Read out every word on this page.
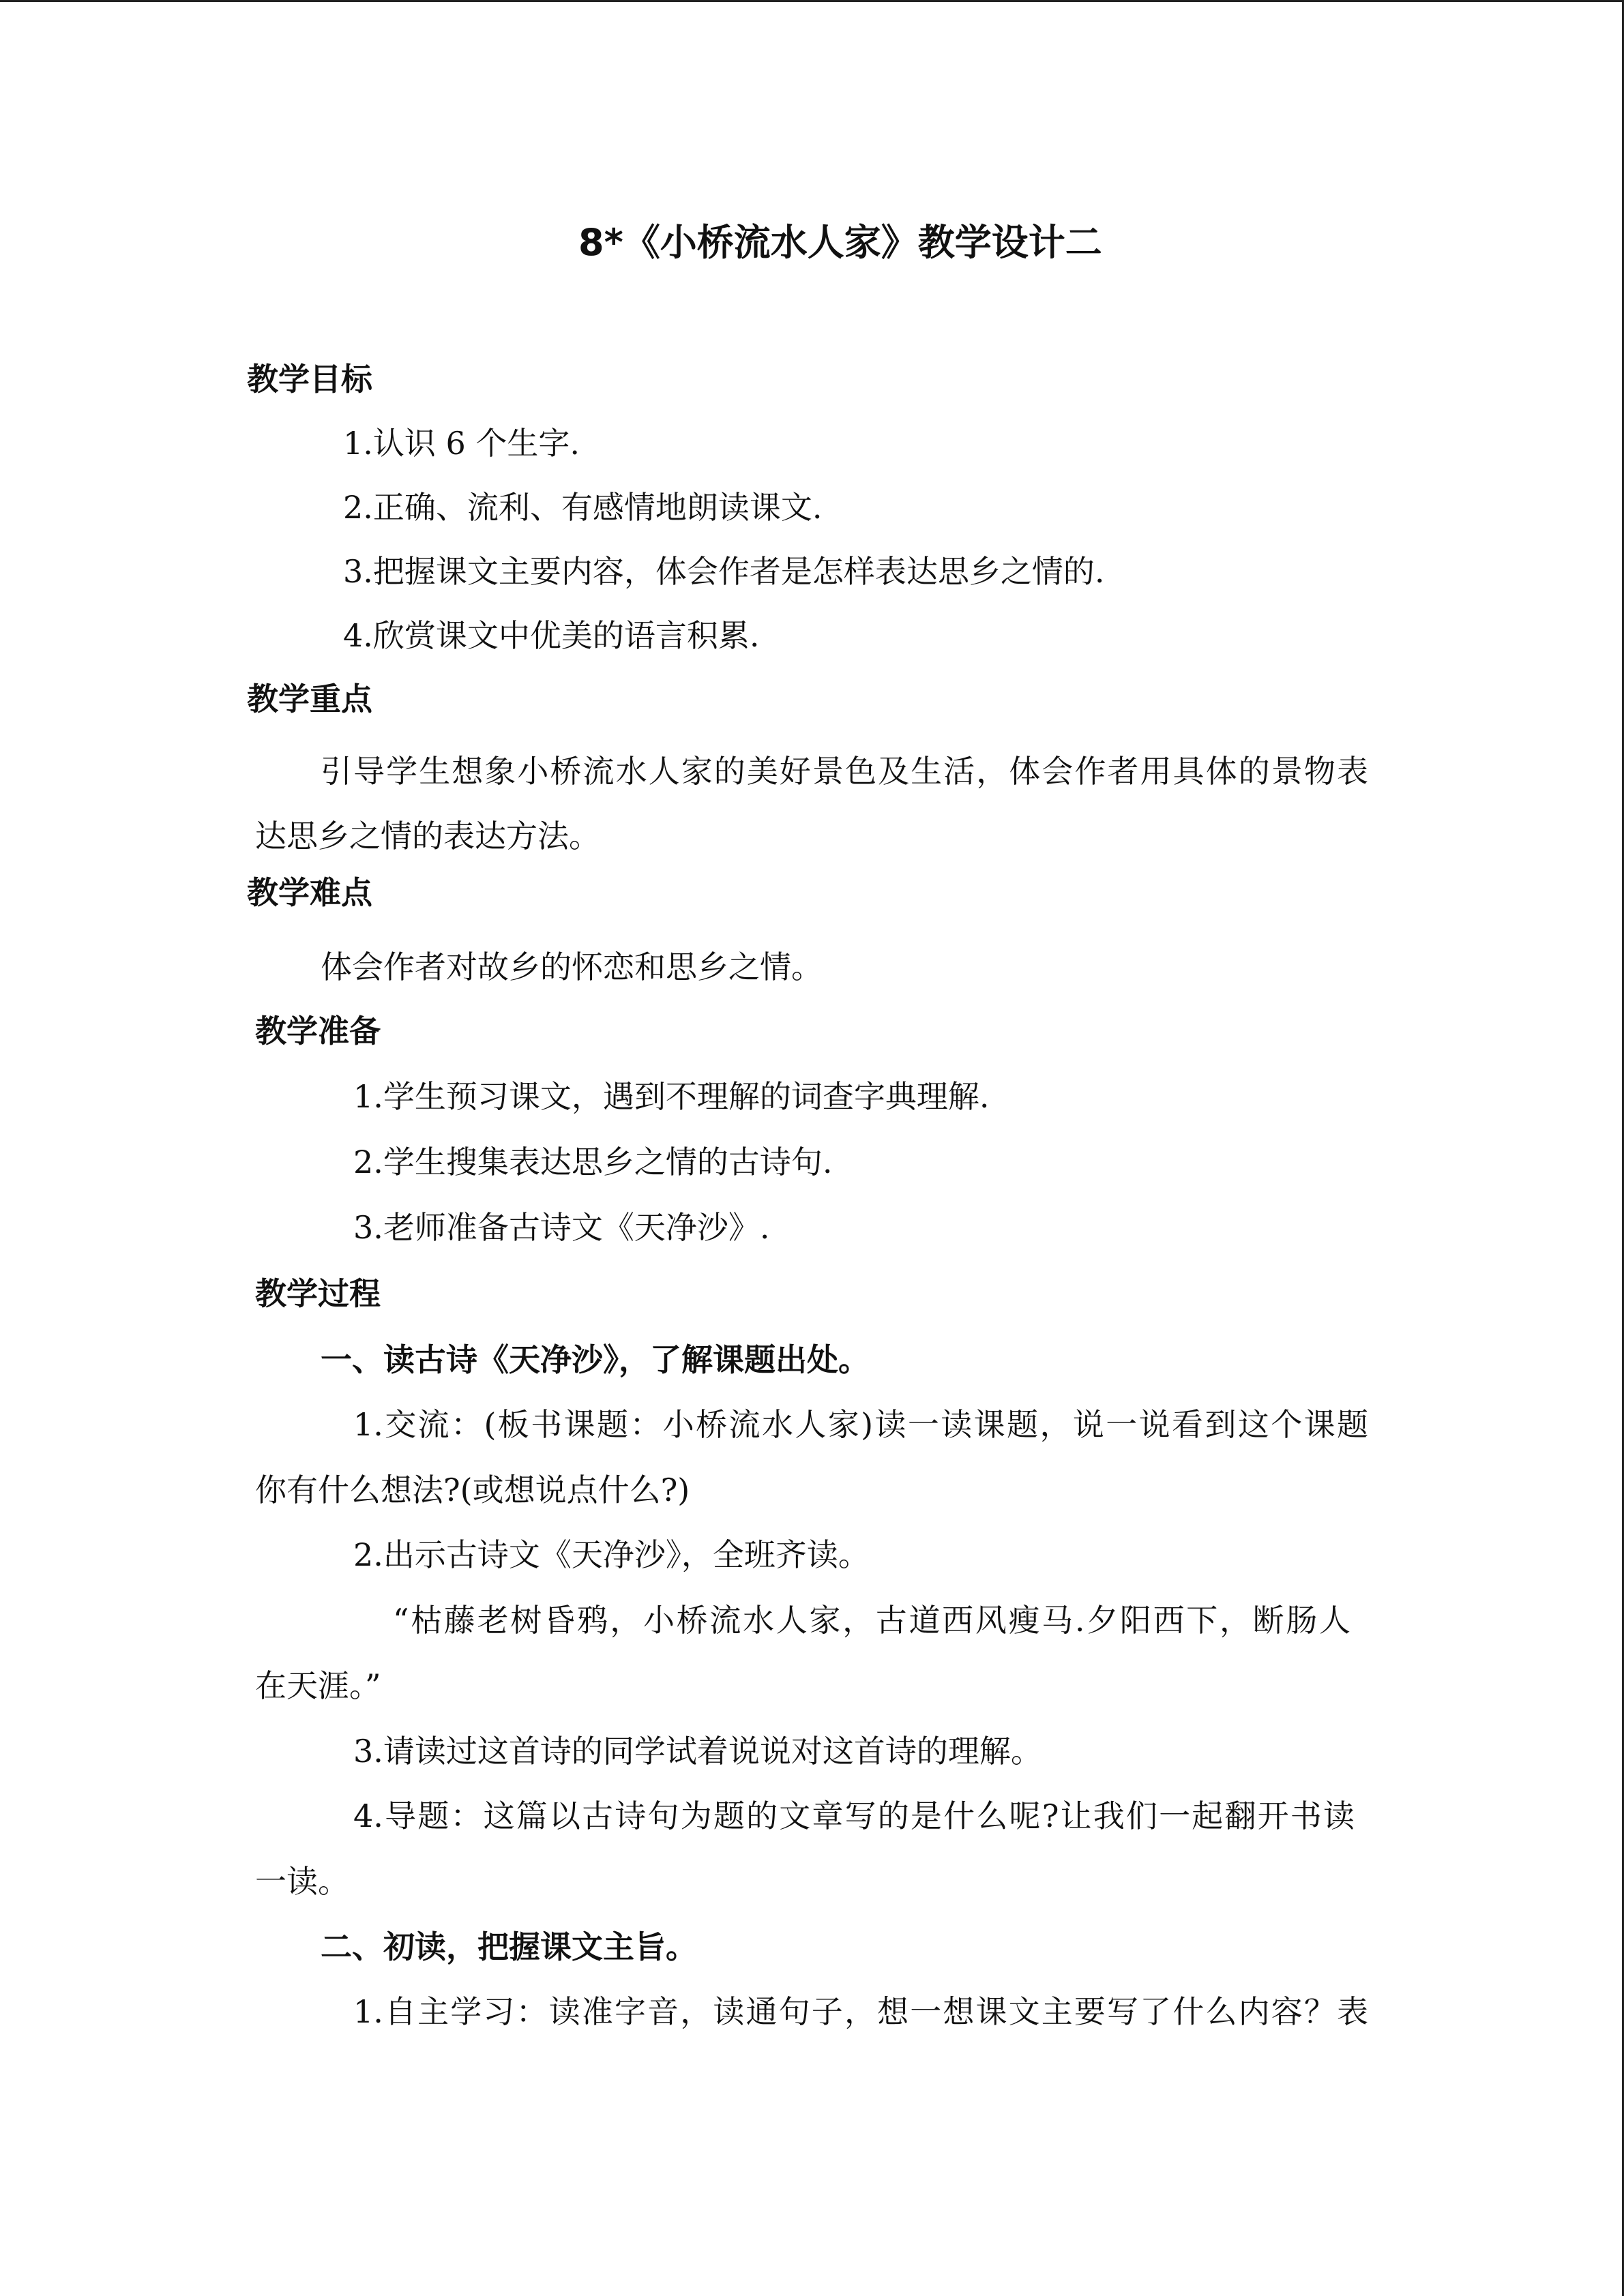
8*《小桥流水人家》教学设计二
教学目标
1.认识 6 个生字.
2.正确、流利、有感情地朗读课文.
3.把握课文主要内容，体会作者是怎样表达思乡之情的.
4.欣赏课文中优美的语言积累.
教学重点
引导学生想象小桥流水人家的美好景色及生活，体会作者用具体的景物表
达思乡之情的表达方法。
教学难点
体会作者对故乡的怀恋和思乡之情。
教学准备
1.学生预习课文，遇到不理解的词查字典理解.
2.学生搜集表达思乡之情的古诗句.
3.老师准备古诗文《天净沙》.
教学过程
一、读古诗《天净沙》，了解课题出处。
1.交流：(板书课题：小桥流水人家)读一读课题，说一说看到这个课题
你有什么想法?(或想说点什么?)
2.出示古诗文《天净沙》，全班齐读。
“枯藤老树昏鸦，小桥流水人家，古道西风瘦马.夕阳西下，断肠人
在天涯。”
3.请读过这首诗的同学试着说说对这首诗的理解。
4.导题：这篇以古诗句为题的文章写的是什么呢?让我们一起翻开书读
一读。
二、初读，把握课文主旨。
1.自主学习：读准字音，读通句子，想一想课文主要写了什么内容？表
